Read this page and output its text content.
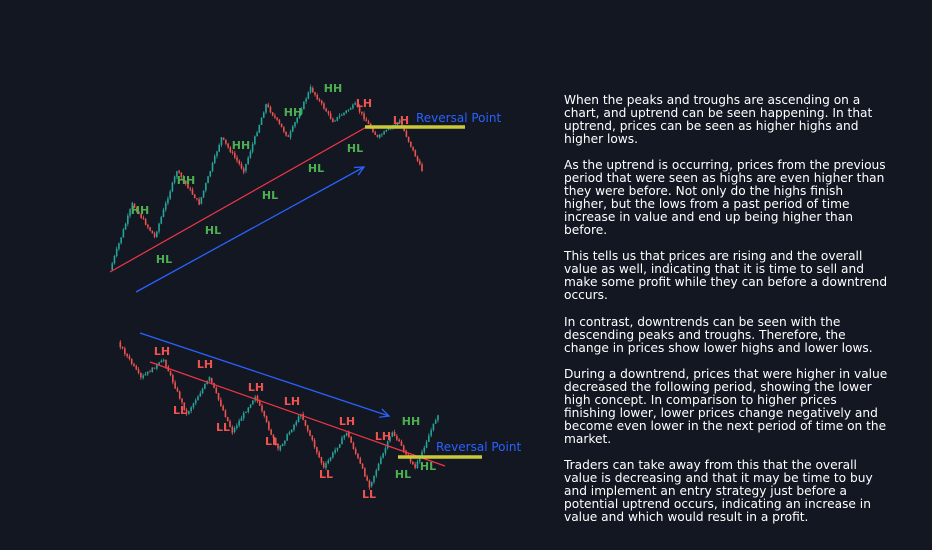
Reversal Point
Reversal Point
HH
HL
HH
HL
HH
HL
HH
HL
HH
HL
LH
LH
LH
LL
LH
LL
LH
LL
LH
LL
LH
LL
LH
HL
HH
HL

When the peaks and troughs are ascending on a chart, and uptrend can be seen happening. In that uptrend, prices can be seen as higher highs and higher lows.

As the uptrend is occurring, prices from the previous period that were seen as highs are even higher than they were before. Not only do the highs finish higher, but the lows from a past period of time increase in value and end up being higher than before.

This tells us that prices are rising and the overall value as well, indicating that it is time to sell and make some profit while they can before a downtrend occurs.

In contrast, downtrends can be seen with the descending peaks and troughs. Therefore, the change in prices show lower highs and lower lows.

During a downtrend, prices that were higher in value decreased the following period, showing the lower high concept. In comparison to higher prices finishing lower, lower prices change negatively and become even lower in the next period of time on the market.

Traders can take away from this that the overall value is decreasing and that it may be time to buy and implement an entry strategy just before a potential uptrend occurs, indicating an increase in value and which would result in a profit.
